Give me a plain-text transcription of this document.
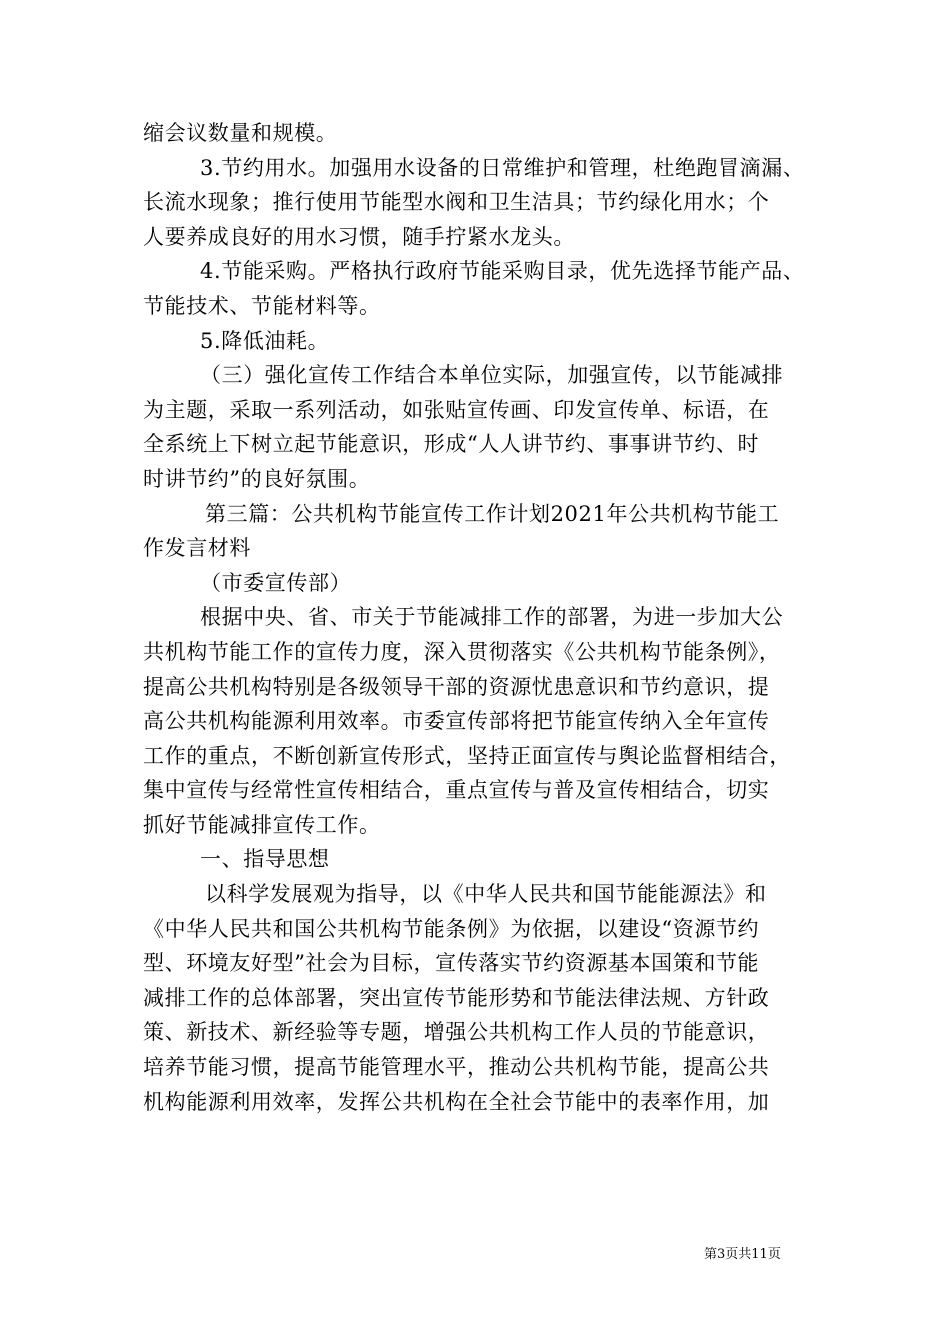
缩会议数量和规模。
3.节约用水。加强用水设备的日常维护和管理，杜绝跑冒滴漏、
长流水现象；推行使用节能型水阀和卫生洁具；节约绿化用水；个
人要养成良好的用水习惯，随手拧紧水龙头。
4.节能采购。严格执行政府节能采购目录，优先选择节能产品、
节能技术、节能材料等。
5.降低油耗。
（三）强化宣传工作结合本单位实际，加强宣传，以节能减排
为主题，采取一系列活动，如张贴宣传画、印发宣传单、标语，在
全系统上下树立起节能意识，形成“人人讲节约、事事讲节约、时
时讲节约”的良好氛围。
第三篇：公共机构节能宣传工作计划2021年公共机构节能工
作发言材料
（市委宣传部）
根据中央、省、市关于节能减排工作的部署，为进一步加大公
共机构节能工作的宣传力度，深入贯彻落实《公共机构节能条例》，
提高公共机构特别是各级领导干部的资源忧患意识和节约意识，提
高公共机构能源利用效率。市委宣传部将把节能宣传纳入全年宣传
工作的重点，不断创新宣传形式，坚持正面宣传与舆论监督相结合，
集中宣传与经常性宣传相结合，重点宣传与普及宣传相结合，切实
抓好节能减排宣传工作。
一、指导思想
以科学发展观为指导，以《中华人民共和国节能能源法》和
《中华人民共和国公共机构节能条例》为依据，以建设“资源节约
型、环境友好型”社会为目标，宣传落实节约资源基本国策和节能
减排工作的总体部署，突出宣传节能形势和节能法律法规、方针政
策、新技术、新经验等专题，增强公共机构工作人员的节能意识，
培养节能习惯，提高节能管理水平，推动公共机构节能，提高公共
机构能源利用效率，发挥公共机构在全社会节能中的表率作用，加
第3页共11页
